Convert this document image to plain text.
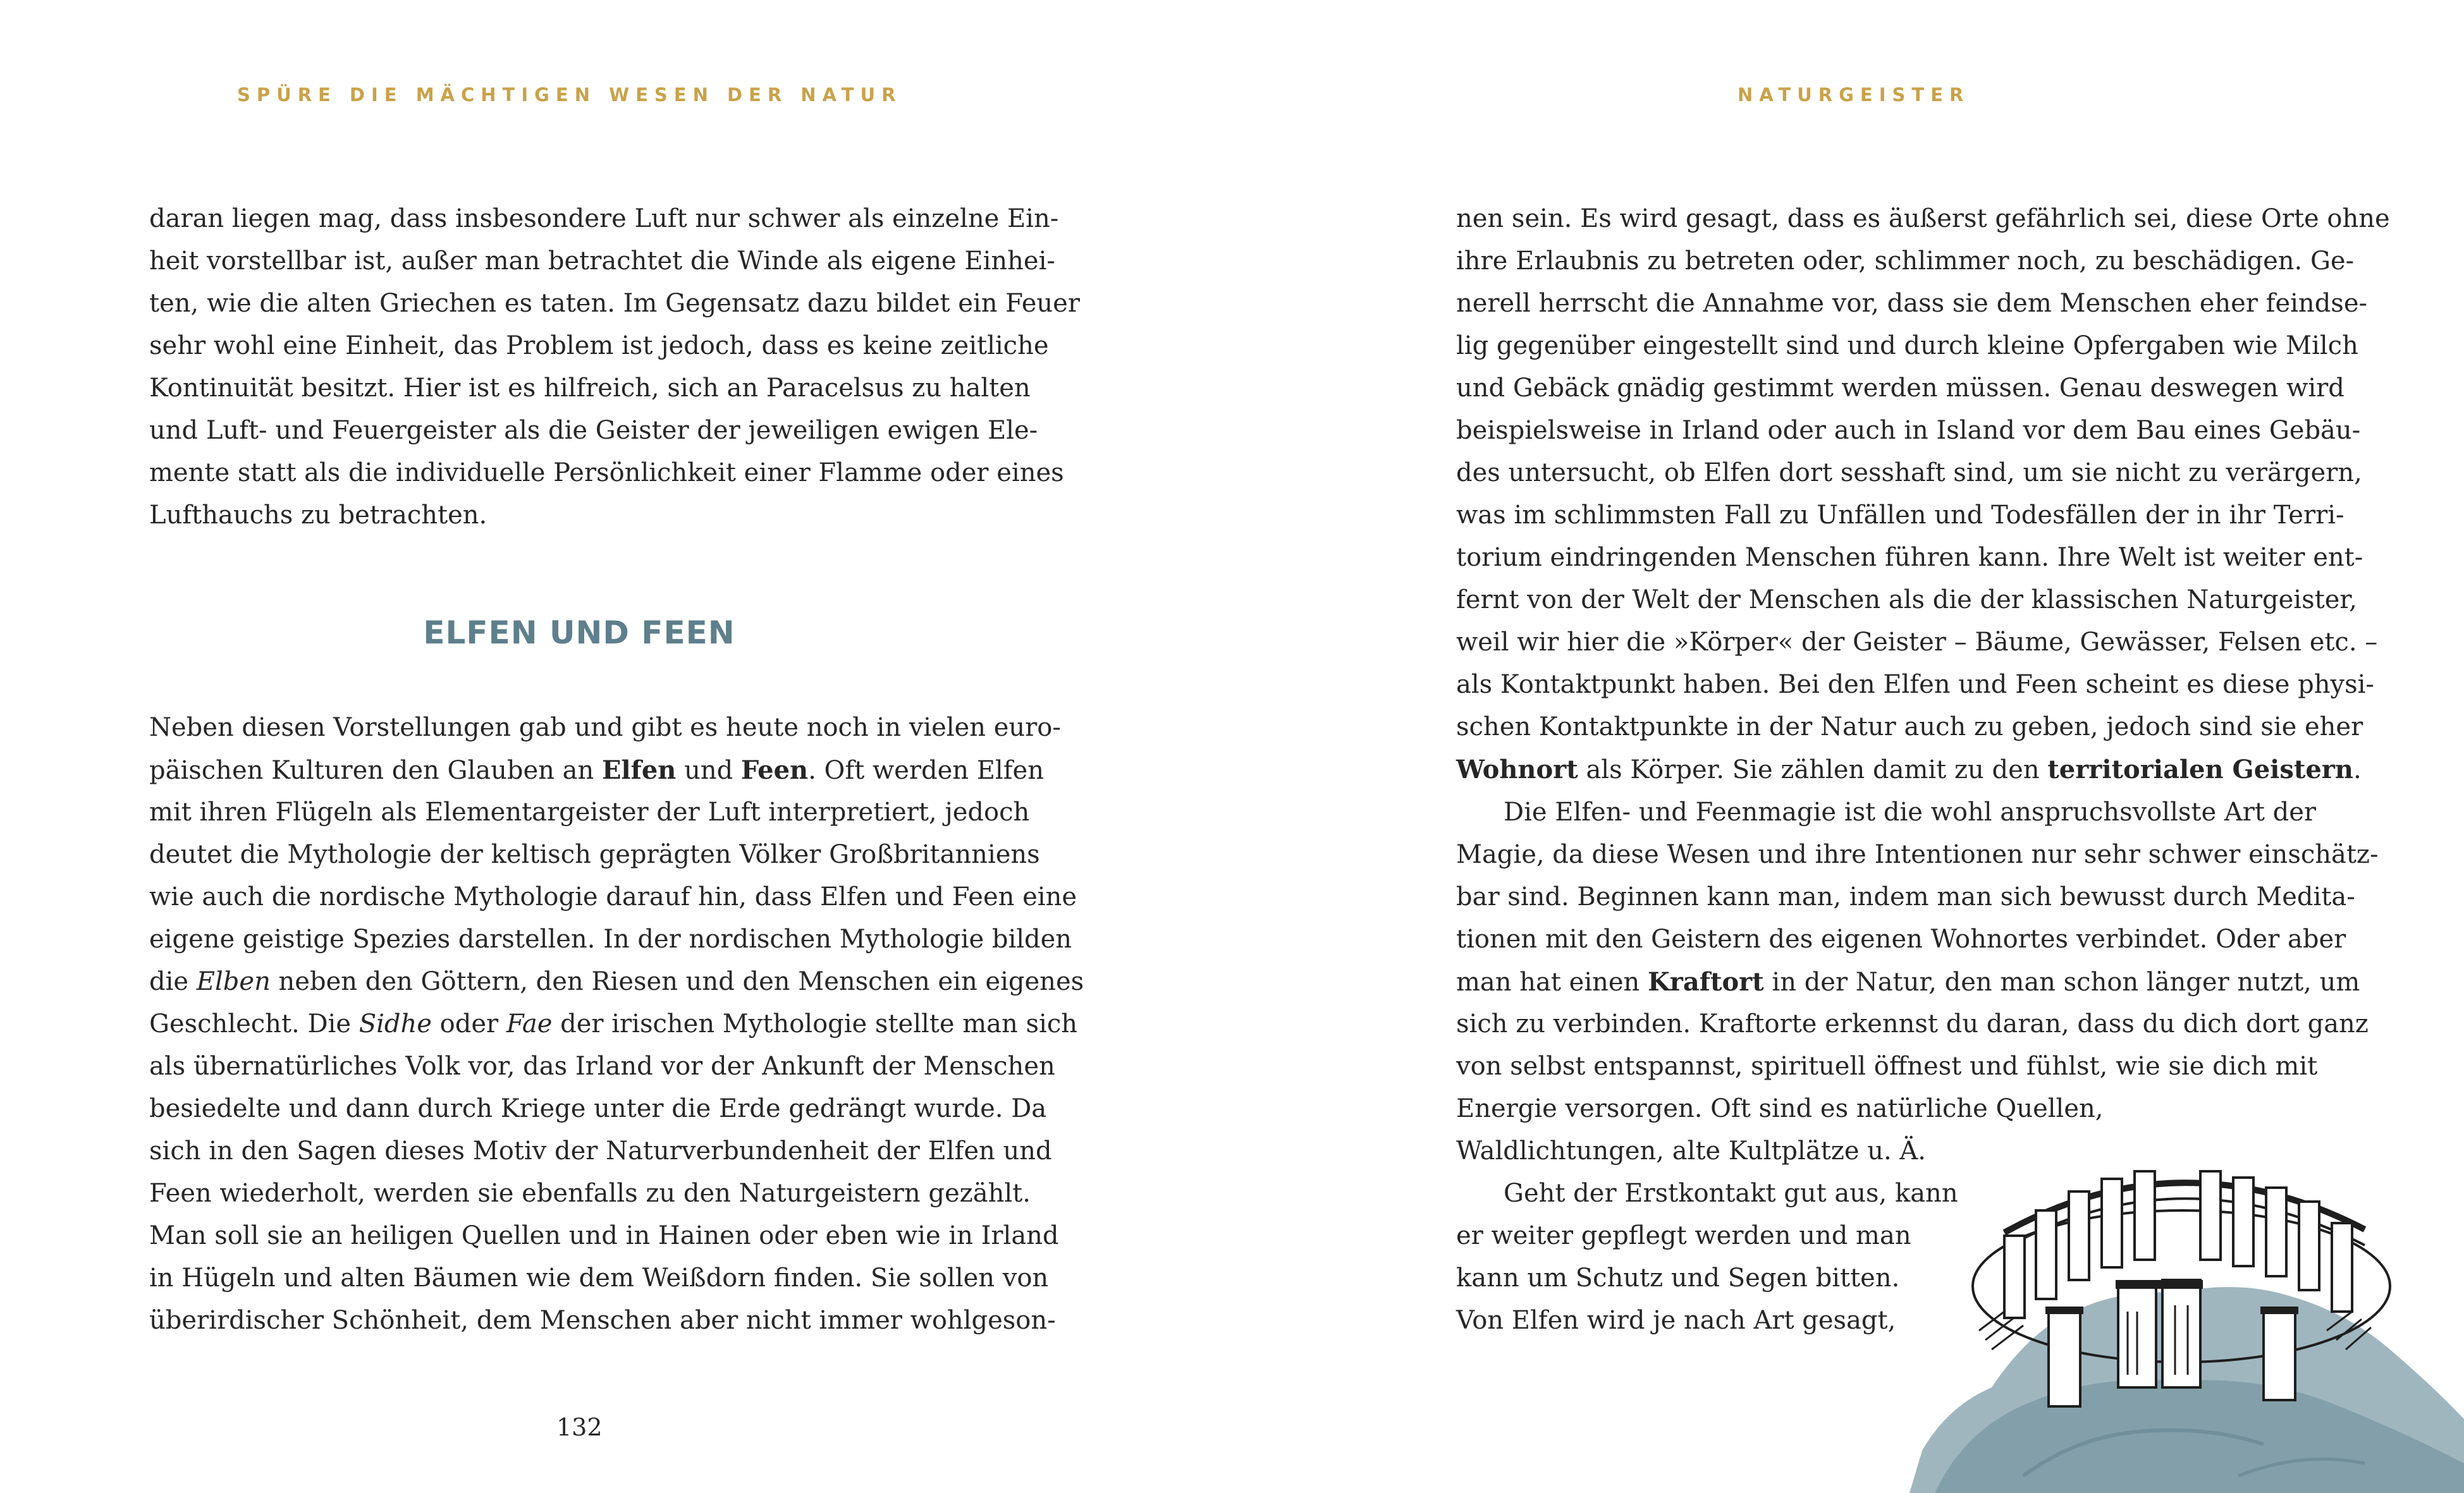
SPÜRE DIE MÄCHTIGEN WESEN DER NATUR
daran liegen mag, dass insbesondere Luft nur schwer als einzelne Ein-
heit vorstellbar ist, außer man betrachtet die Winde als eigene Einhei-
ten, wie die alten Griechen es taten. Im Gegensatz dazu bildet ein Feuer
sehr wohl eine Einheit, das Problem ist jedoch, dass es keine zeitliche
Kontinuität besitzt. Hier ist es hilfreich, sich an Paracelsus zu halten
und Luft- und Feuergeister als die Geister der jeweiligen ewigen Ele-
mente statt als die individuelle Persönlichkeit einer Flamme oder eines
Lufthauchs zu betrachten.
ELFEN UND FEEN
Neben diesen Vorstellungen gab und gibt es heute noch in vielen euro-
päischen Kulturen den Glauben an Elfen und Feen. Oft werden Elfen
mit ihren Flügeln als Elementargeister der Luft interpretiert, jedoch
deutet die Mythologie der keltisch geprägten Völker Großbritanniens
wie auch die nordische Mythologie darauf hin, dass Elfen und Feen eine
eigene geistige Spezies darstellen. In der nordischen Mythologie bilden
die Elben neben den Göttern, den Riesen und den Menschen ein eigenes
Geschlecht. Die Sidhe oder Fae der irischen Mythologie stellte man sich
als übernatürliches Volk vor, das Irland vor der Ankunft der Menschen
besiedelte und dann durch Kriege unter die Erde gedrängt wurde. Da
sich in den Sagen dieses Motiv der Naturverbundenheit der Elfen und
Feen wiederholt, werden sie ebenfalls zu den Naturgeistern gezählt.
Man soll sie an heiligen Quellen und in Hainen oder eben wie in Irland
in Hügeln und alten Bäumen wie dem Weißdorn finden. Sie sollen von
überirdischer Schönheit, dem Menschen aber nicht immer wohlgeson-
132
NATURGEISTER
nen sein. Es wird gesagt, dass es äußerst gefährlich sei, diese Orte ohne
ihre Erlaubnis zu betreten oder, schlimmer noch, zu beschädigen. Ge-
nerell herrscht die Annahme vor, dass sie dem Menschen eher feindse-
lig gegenüber eingestellt sind und durch kleine Opfergaben wie Milch
und Gebäck gnädig gestimmt werden müssen. Genau deswegen wird
beispielsweise in Irland oder auch in Island vor dem Bau eines Gebäu-
des untersucht, ob Elfen dort sesshaft sind, um sie nicht zu verärgern,
was im schlimmsten Fall zu Unfällen und Todesfällen der in ihr Terri-
torium eindringenden Menschen führen kann. Ihre Welt ist weiter ent-
fernt von der Welt der Menschen als die der klassischen Naturgeister,
weil wir hier die »Körper« der Geister – Bäume, Gewässer, Felsen etc. –
als Kontaktpunkt haben. Bei den Elfen und Feen scheint es diese physi-
schen Kontaktpunkte in der Natur auch zu geben, jedoch sind sie eher
Wohnort als Körper. Sie zählen damit zu den territorialen Geistern.
Die Elfen- und Feenmagie ist die wohl anspruchsvollste Art der
Magie, da diese Wesen und ihre Intentionen nur sehr schwer einschätz-
bar sind. Beginnen kann man, indem man sich bewusst durch Medita-
tionen mit den Geistern des eigenen Wohnortes verbindet. Oder aber
man hat einen Kraftort in der Natur, den man schon länger nutzt, um
sich zu verbinden. Kraftorte erkennst du daran, dass du dich dort ganz
von selbst entspannst, spirituell öffnest und fühlst, wie sie dich mit
Energie versorgen. Oft sind es natürliche Quellen,
Waldlichtungen, alte Kultplätze u. Ä.
Geht der Erstkontakt gut aus, kann
er weiter gepflegt werden und man
kann um Schutz und Segen bitten.
Von Elfen wird je nach Art gesagt,
